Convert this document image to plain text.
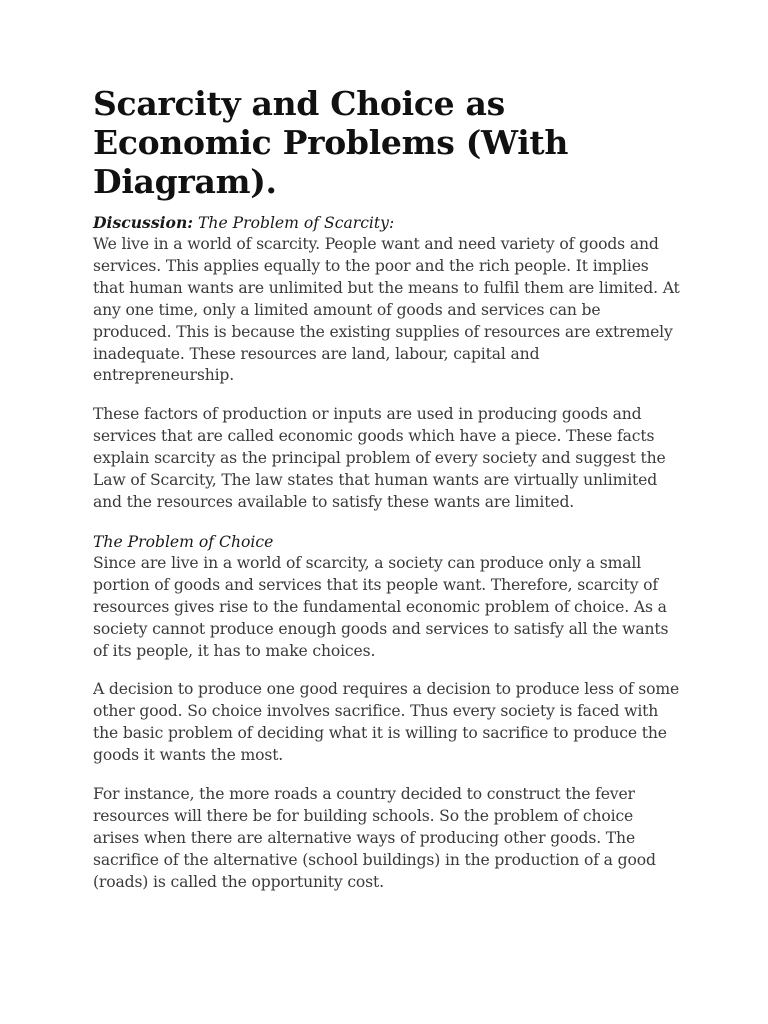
Scarcity and Choice as Economic Problems (With Diagram).

Discussion: The Problem of Scarcity:

We live in a world of scarcity. People want and need variety of goods and services. This applies equally to the poor and the rich people. It implies that human wants are unlimited but the means to fulfil them are limited. At any one time, only a limited amount of goods and services can be produced. This is because the existing supplies of resources are extremely inadequate. These resources are land, labour, capital and entrepreneurship.

These factors of production or inputs are used in producing goods and services that are called economic goods which have a piece. These facts explain scarcity as the principal problem of every society and suggest the Law of Scarcity, The law states that human wants are virtually unlimited and the resources available to satisfy these wants are limited.

The Problem of Choice

Since are live in a world of scarcity, a society can produce only a small portion of goods and services that its people want. Therefore, scarcity of resources gives rise to the fundamental economic problem of choice. As a society cannot produce enough goods and services to satisfy all the wants of its people, it has to make choices.

A decision to produce one good requires a decision to produce less of some other good. So choice involves sacrifice. Thus every society is faced with the basic problem of deciding what it is willing to sacrifice to produce the goods it wants the most.

For instance, the more roads a country decided to construct the fever resources will there be for building schools. So the problem of choice arises when there are alternative ways of producing other goods. The sacrifice of the alternative (school buildings) in the production of a good (roads) is called the opportunity cost.
